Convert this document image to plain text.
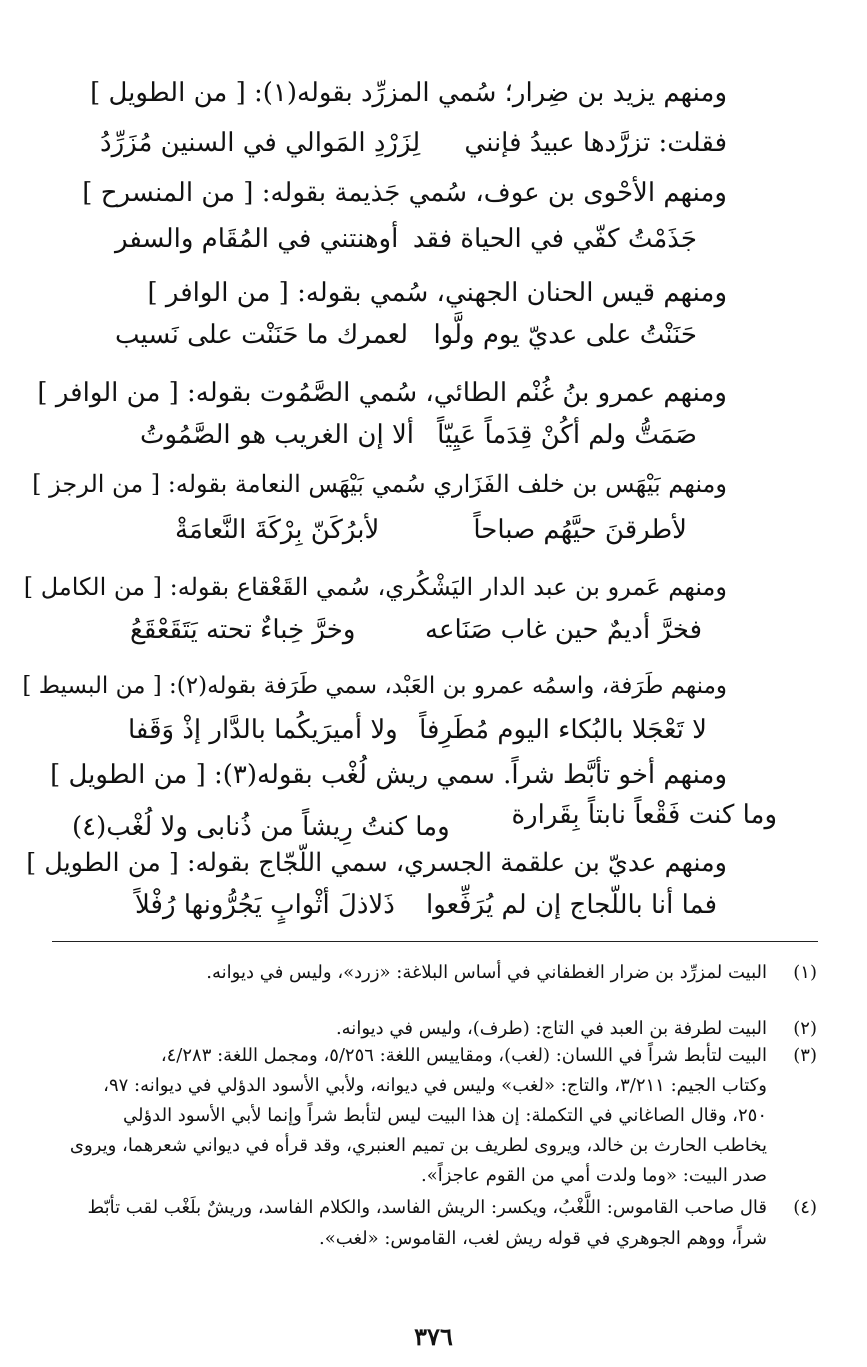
ومنهم يزيد بن ضِرار؛ سُمي المزرِّد بقوله(١): [ من الطويل ]
ومنهم الأحْوى بن عوف، سُمي جَذيمة بقوله: [ من المنسرح ]
ومنهم قيس الحنان الجهني، سُمي بقوله: [ من الوافر ]
ومنهم عمرو بنُ غُنْم الطائي، سُمي الصَّمُوت بقوله: [ من الوافر ]
ومنهم بَيْهَس بن خلف الفَزَاري سُمي بَيْهَس النعامة بقوله: [ من الرجز ]
ومنهم عَمرو بن عبد الدار اليَشْكُري، سُمي القَعْقاع بقوله: [ من الكامل ]
ومنهم طَرَفة، واسمُه عمرو بن العَبْد، سمي طَرَفة بقوله(٢): [ من البسيط ]
ومنهم أخو تأبَّط شراً. سمي ريش لُغْب بقوله(٣): [ من الطويل ]
ومنهم عديّ بن علقمة الجسري، سمي اللّجّاج بقوله: [ من الطويل ]
فقلت: تزرَّدها عبيدُ فإنني
لِزَرْدِ المَوالي في السنين مُزَرِّدُ
جَذَمْتُ كفّي في الحياة فقد
أوهنتني في المُقَام والسفر
حَنَنْتُ على عديّ يوم ولَّوا
لعمرك ما حَنَنْت على نَسيب
صَمَتُّ ولم أكُنْ قِدَماً عَيِيّاً
ألا إن الغريب هو الصَّمُوتُ
لأطرقنَ حيَّهُم صباحاً
لأبرُكَنّ بِرْكَةَ النَّعامَةْ
فخرَّ أديمٌ حين غاب صَنَاعه
وخرَّ خِباءٌ تحته يَتَقَعْقَعُ
لا تَعْجَلا بالبُكاء اليوم مُطَرِفاً
ولا أميرَيكُما بالدَّار إذْ وَقَفا
وما كنت فَقْعاً نابتاً بِقَرارة
وما كنتُ رِيشاً من ذُنابى ولا لُغْب(٤)
فما أنا باللّجاج إن لم يُرَفِّعوا
ذَلاذلَ أثْوابٍ يَجُرُّونها رُفْلاً
(١)
البيت لمزرِّد بن ضرار الغطفاني في أساس البلاغة: «زرد»، وليس في ديوانه.
(٢)
البيت لطرفة بن العبد في التاج: (طرف)، وليس في ديوانه.
(٣)
البيت لتأبط شراً في اللسان: (لغب)، ومقاييس اللغة: ٥/٢٥٦، ومجمل اللغة: ٤/٢٨٣،
وكتاب الجيم: ٣/٢١١، والتاج: «لغب» وليس في ديوانه، ولأبي الأسود الدؤلي في ديوانه: ٩٧،
٢٥٠، وقال الصاغاني في التكملة: إن هذا البيت ليس لتأبط شراً وإنما لأبي الأسود الدؤلي
يخاطب الحارث بن خالد، ويروى لطريف بن تميم العنبري، وقد قرأه في ديواني شعرهما، ويروى
صدر البيت: «وما ولدت أمي من القوم عاجزاً».
(٤)
قال صاحب القاموس: اللَّغْبُ، ويكسر: الريش الفاسد، والكلام الفاسد، وريشٌ بلَغْب لقب تأبّط
شراً، ووهم الجوهري في قوله ريش لغب، القاموس: «لغب».
٣٧٦
